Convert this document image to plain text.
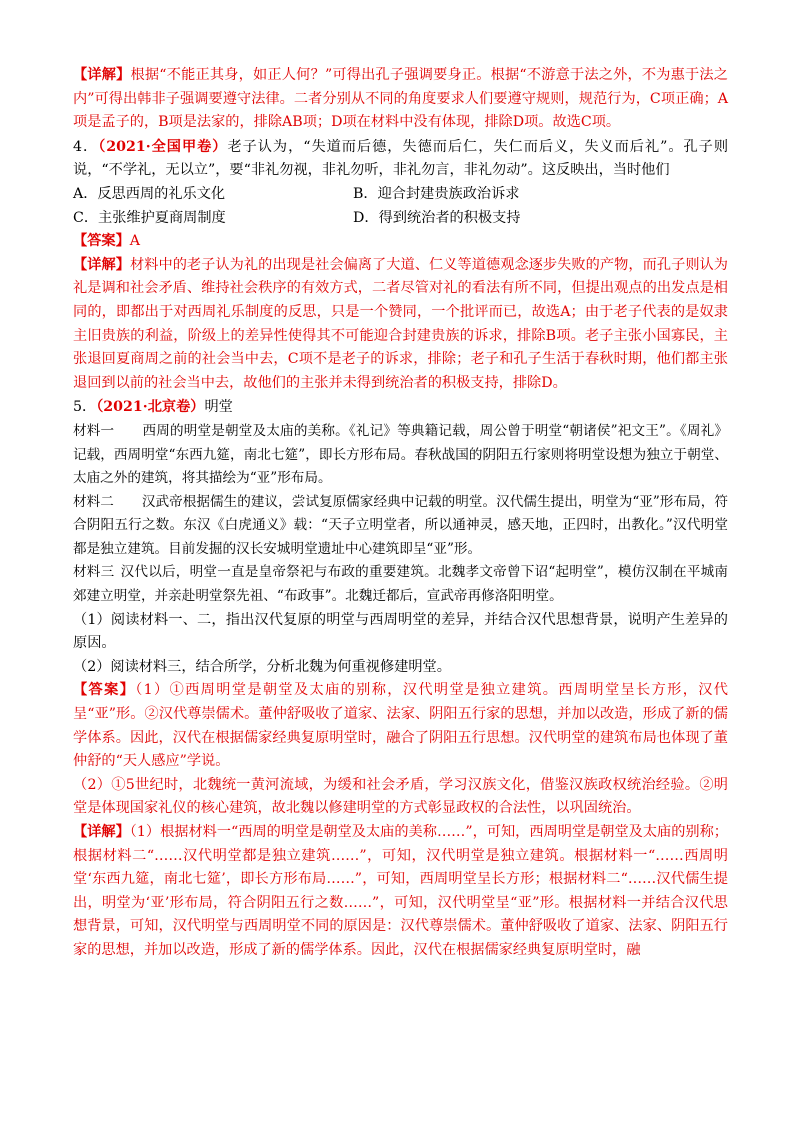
【详解】根据“不能正其身，如正人何？”可得出孔子强调要身正。根据“不游意于法之外，不为惠于法之内”可得出韩非子强调要遵守法律。二者分别从不同的角度要求人们要遵守规则，规范行为，C项正确；A项是孟子的，B项是法家的，排除AB项；D项在材料中没有体现，排除D项。故选C项。

4．（2021·全国甲卷）老子认为，“失道而后德，失德而后仁，失仁而后义，失义而后礼”。孔子则说，“不学礼，无以立”，要“非礼勿视，非礼勿听，非礼勿言，非礼勿动”。这反映出，当时他们

A．反思西周的礼乐文化	B．迎合封建贵族政治诉求
C．主张维护夏商周制度	D．得到统治者的积极支持

【答案】A

【详解】材料中的老子认为礼的出现是社会偏离了大道、仁义等道德观念逐步失败的产物，而孔子则认为礼是调和社会矛盾、维持社会秩序的有效方式，二者尽管对礼的看法有所不同，但提出观点的出发点是相同的，即都出于对西周礼乐制度的反思，只是一个赞同，一个批评而已，故选A；由于老子代表的是奴隶主旧贵族的利益，阶级上的差异性使得其不可能迎合封建贵族的诉求，排除B项。老子主张小国寡民，主张退回夏商周之前的社会当中去，C项不是老子的诉求，排除；老子和孔子生活于春秋时期，他们都主张退回到以前的社会当中去，故他们的主张并未得到统治者的积极支持，排除D。

5．（2021·北京卷）明堂

材料一 西周的明堂是朝堂及太庙的美称。《礼记》等典籍记载，周公曾于明堂“朝诸侯”祀文王”。《周礼》记载，西周明堂“东西九筵，南北七筵”，即长方形布局。春秋战国的阴阳五行家则将明堂设想为独立于朝堂、太庙之外的建筑，将其描绘为“亚”形布局。

材料二 汉武帝根据儒生的建议，尝试复原儒家经典中记载的明堂。汉代儒生提出，明堂为“亚”形布局，符合阴阳五行之数。东汉《白虎通义》载：“天子立明堂者，所以通神灵，感天地，正四时，出教化。”汉代明堂都是独立建筑。目前发掘的汉长安城明堂遗址中心建筑即呈“亚”形。

材料三 汉代以后，明堂一直是皇帝祭祀与布政的重要建筑。北魏孝文帝曾下诏“起明堂”，模仿汉制在平城南郊建立明堂，并亲赴明堂祭先祖、“布政事”。北魏迁都后，宣武帝再修洛阳明堂。

（1）阅读材料一、二，指出汉代复原的明堂与西周明堂的差异，并结合汉代思想背景，说明产生差异的原因。

（2）阅读材料三，结合所学，分析北魏为何重视修建明堂。

【答案】（1）①西周明堂是朝堂及太庙的别称，汉代明堂是独立建筑。西周明堂呈长方形，汉代呈“亚”形。②汉代尊崇儒术。董仲舒吸收了道家、法家、阴阳五行家的思想，并加以改造，形成了新的儒学体系。因此，汉代在根据儒家经典复原明堂时，融合了阴阳五行思想。汉代明堂的建筑布局也体现了董仲舒的“天人感应”学说。

（2）①5世纪时，北魏统一黄河流域，为缓和社会矛盾，学习汉族文化，借鉴汉族政权统治经验。②明堂是体现国家礼仪的核心建筑，故北魏以修建明堂的方式彰显政权的合法性，以巩固统治。

【详解】（1）根据材料一“西周的明堂是朝堂及太庙的美称……”，可知，西周明堂是朝堂及太庙的别称；根据材料二“……汉代明堂都是独立建筑……”，可知，汉代明堂是独立建筑。根据材料一“……西周明堂‘东西九筵，南北七筵’，即长方形布局……”，可知，西周明堂呈长方形；根据材料二“……汉代儒生提出，明堂为‘亚’形布局，符合阴阳五行之数……”，可知，汉代明堂呈“亚”形。根据材料一并结合汉代思想背景，可知，汉代明堂与西周明堂不同的原因是：汉代尊崇儒术。董仲舒吸收了道家、法家、阴阳五行家的思想，并加以改造，形成了新的儒学体系。因此，汉代在根据儒家经典复原明堂时，融
